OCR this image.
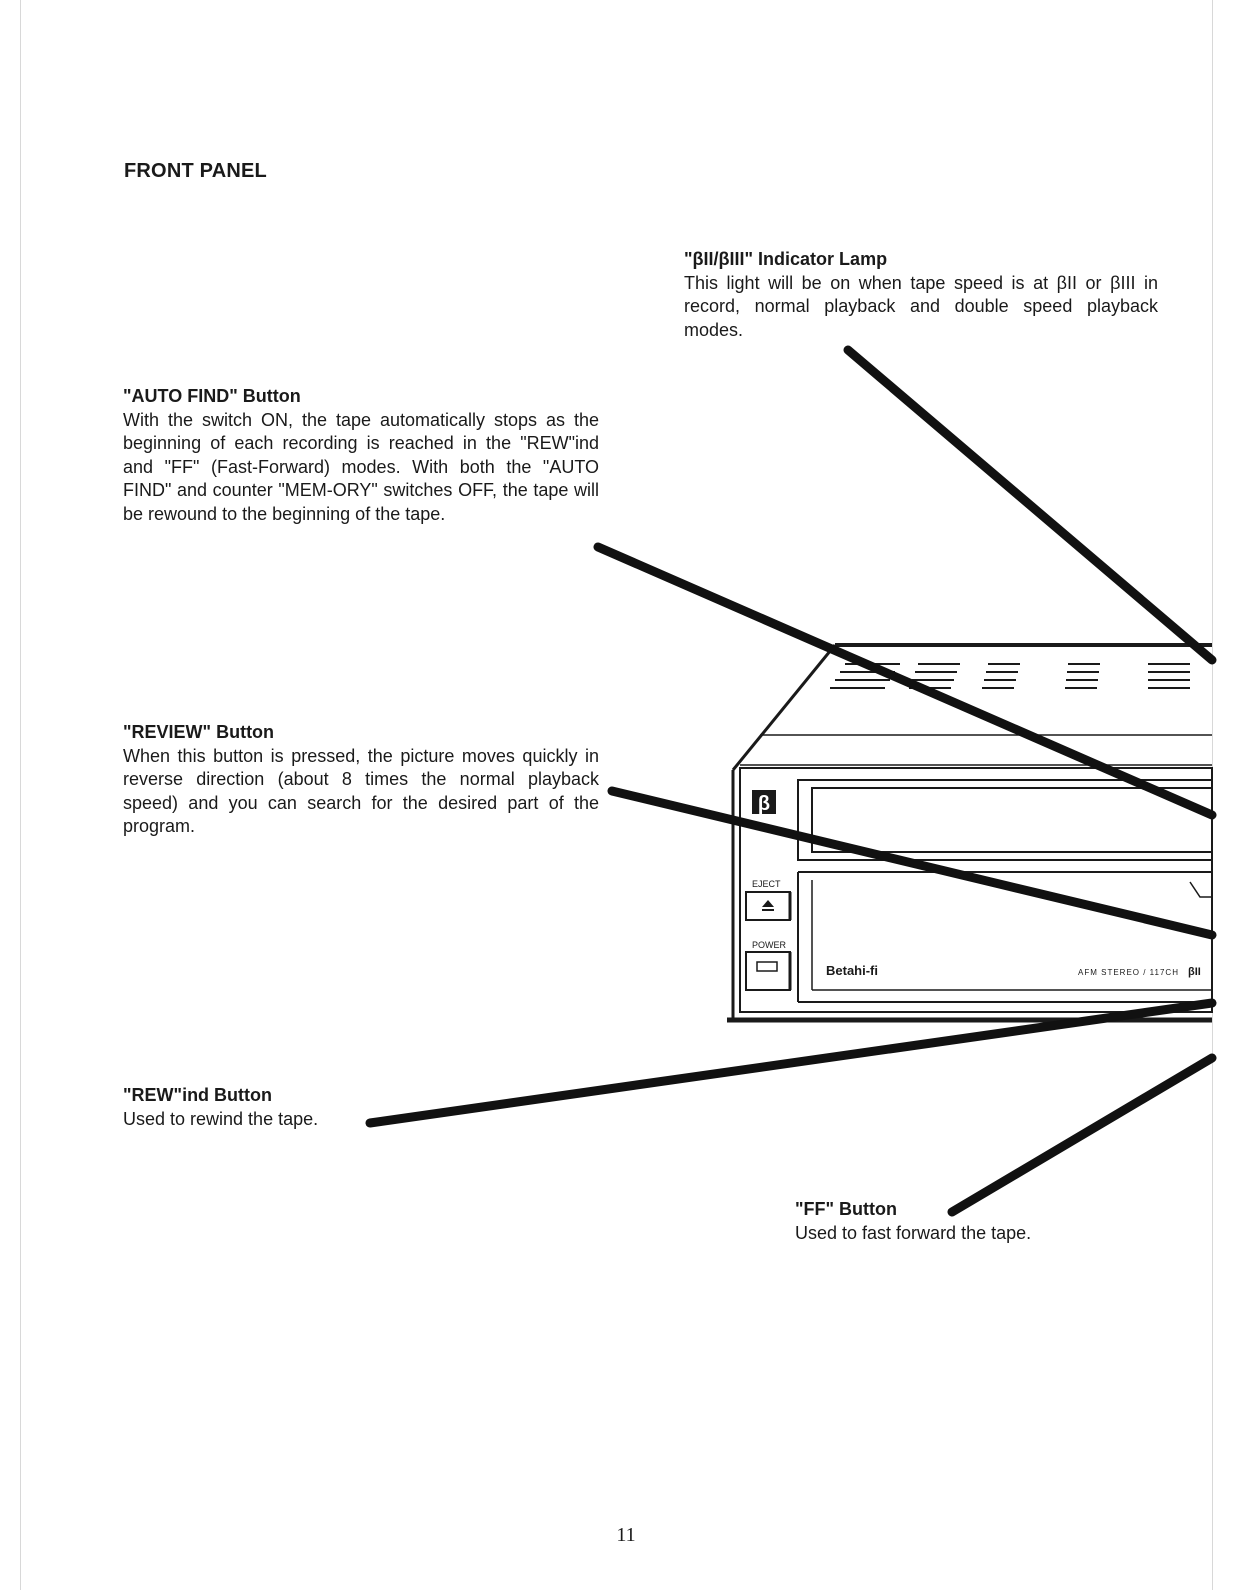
FRONT PANEL
"βII/βIII" Indicator Lamp
This light will be on when tape speed is at βII or βIII in record, normal playback and double speed playback modes.
"AUTO FIND" Button
With the switch ON, the tape automatically stops as the beginning of each recording is reached in the "REW"ind and "FF" (Fast-Forward) modes. With both the "AUTO FIND" and counter "MEM-ORY" switches OFF, the tape will be rewound to the beginning of the tape.
"REVIEW" Button
When this button is pressed, the picture moves quickly in reverse direction (about 8 times the normal playback speed) and you can search for the desired part of the program.
"REW"ind Button
Used to rewind the tape.
"FF" Button
Used to fast forward the tape.
β
EJECT
POWER
Betahi-fi	AFM STEREO / 117CH βII
11
